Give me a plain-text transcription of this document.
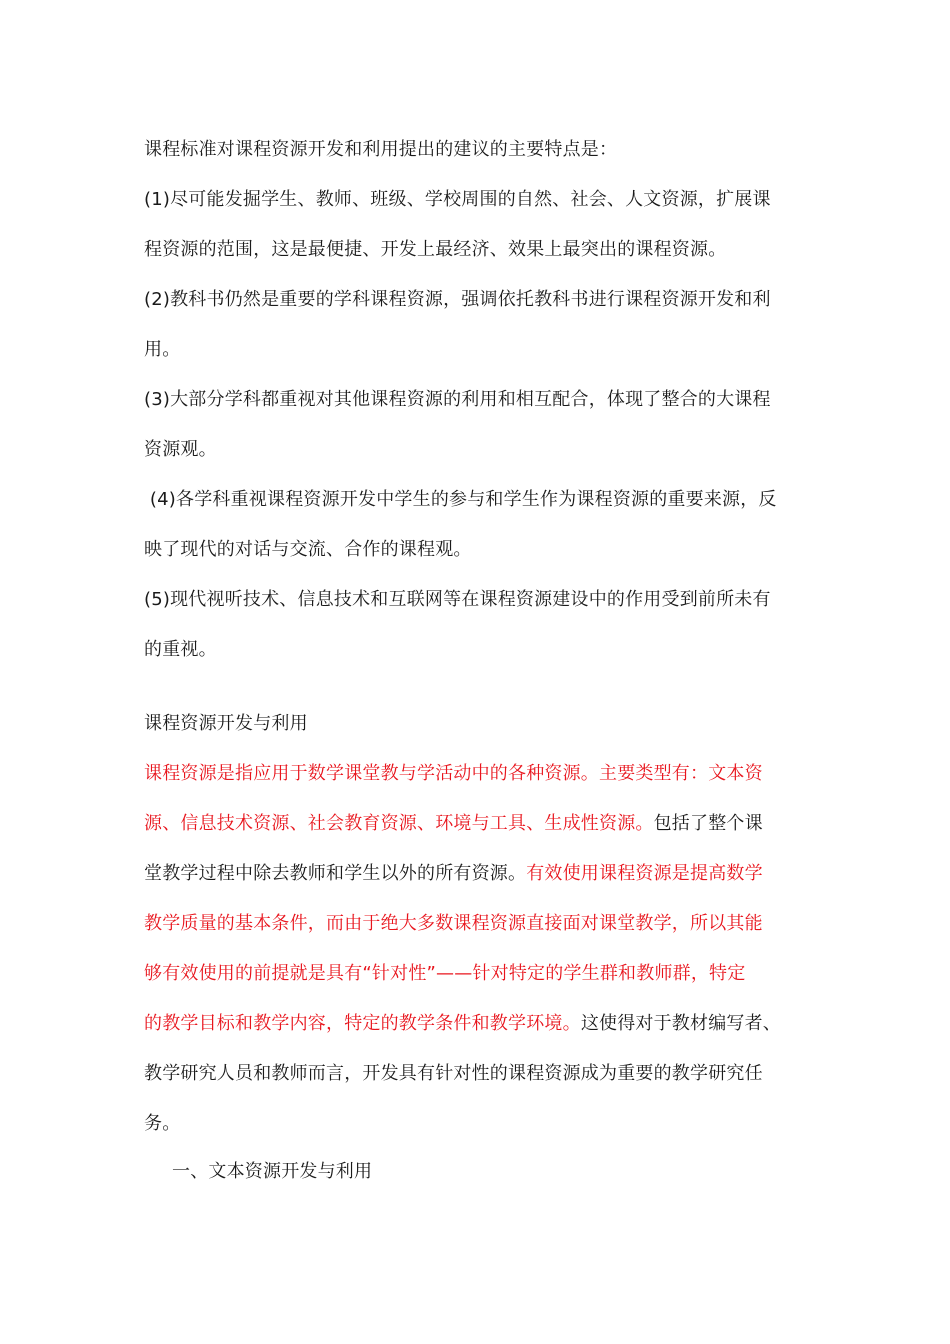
课程标准对课程资源开发和利用提出的建议的主要特点是：
(1)尽可能发掘学生、教师、班级、学校周围的自然、社会、人文资源，扩展课
程资源的范围，这是最便捷、开发上最经济、效果上最突出的课程资源。
(2)教科书仍然是重要的学科课程资源，强调依托教科书进行课程资源开发和利
用。
(3)大部分学科都重视对其他课程资源的利用和相互配合，体现了整合的大课程
资源观。
(4)各学科重视课程资源开发中学生的参与和学生作为课程资源的重要来源，反
映了现代的对话与交流、合作的课程观。
(5)现代视听技术、信息技术和互联网等在课程资源建设中的作用受到前所未有
的重视。
课程资源开发与利用
课程资源是指应用于数学课堂教与学活动中的各种资源。主要类型有：文本资
源、信息技术资源、社会教育资源、环境与工具、生成性资源。包括了整个课
堂教学过程中除去教师和学生以外的所有资源。有效使用课程资源是提高数学
教学质量的基本条件，而由于绝大多数课程资源直接面对课堂教学，所以其能
够有效使用的前提就是具有“针对性”——针对特定的学生群和教师群，特定
的教学目标和教学内容，特定的教学条件和教学环境。这使得对于教材编写者、
教学研究人员和教师而言，开发具有针对性的课程资源成为重要的教学研究任
务。
一、文本资源开发与利用
